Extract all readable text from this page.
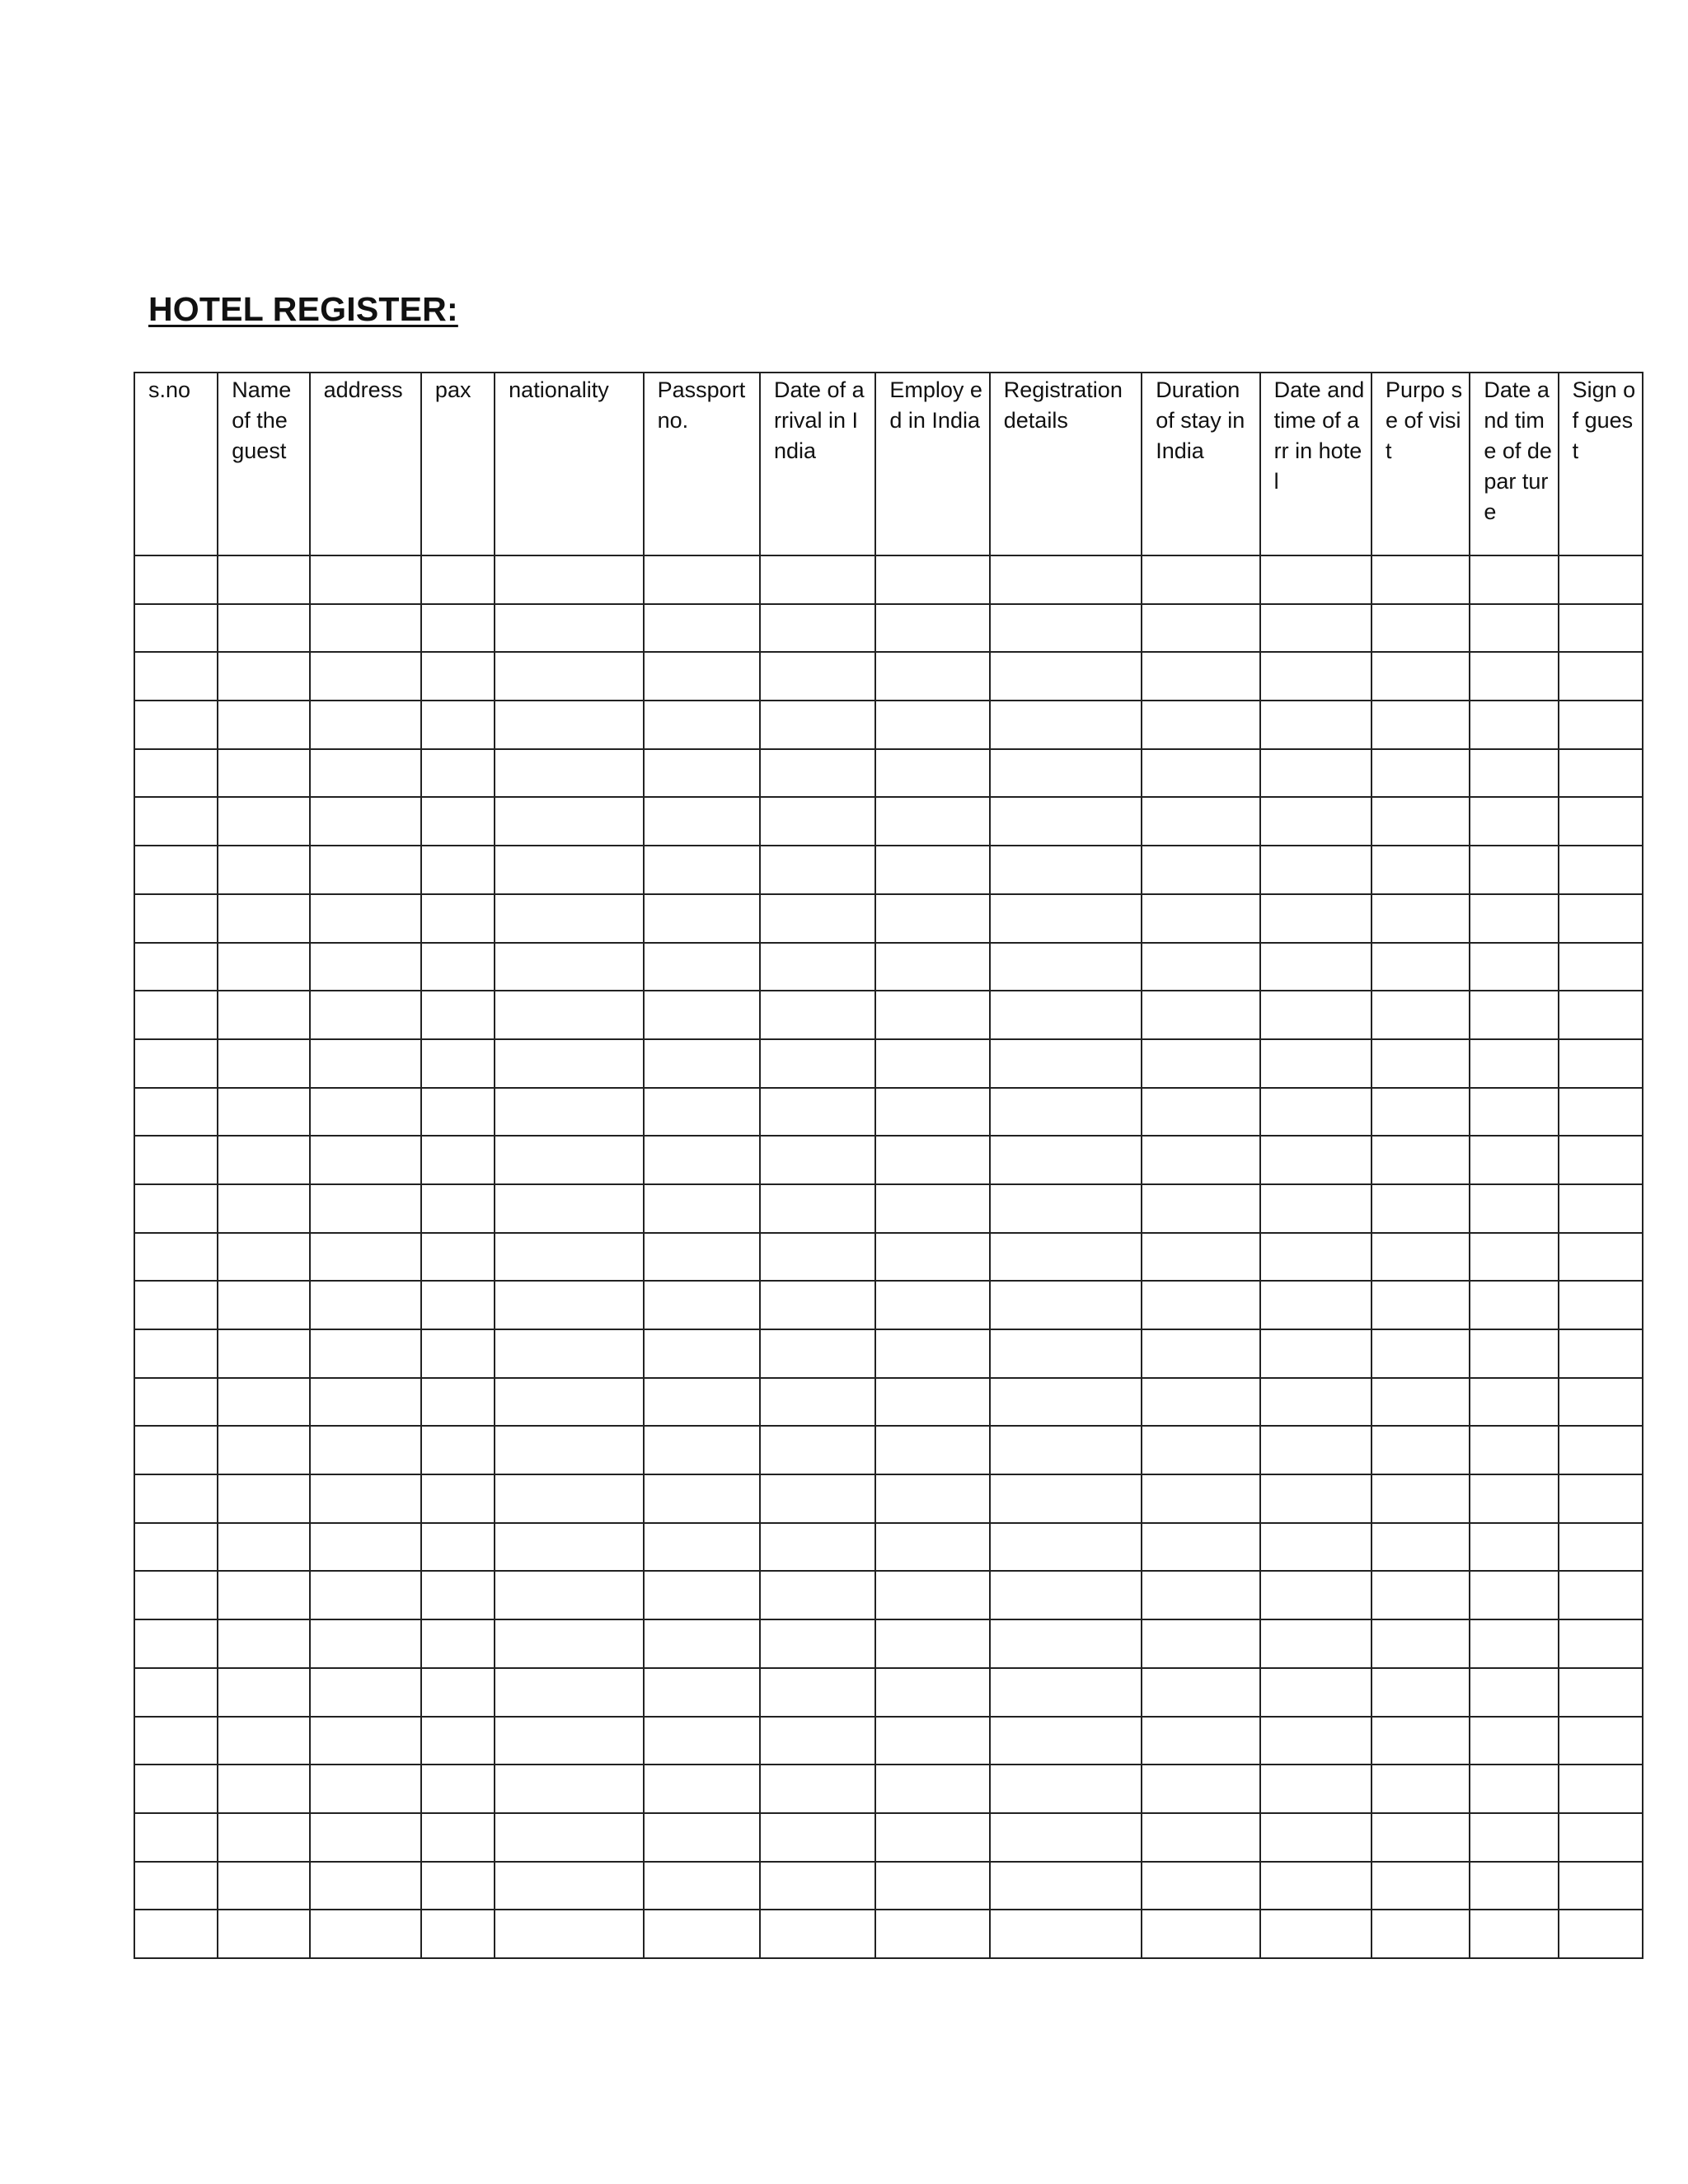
HOTEL REGISTER:
s.no	Name of the guest	address	pax	nationality	Passport no.	Date of arrival in India	Employ ed in India	Registration details	Duration of stay in India	Date and time of arr in hotel	Purpo se of visit	Date and time of depar ture	Sign of guest
